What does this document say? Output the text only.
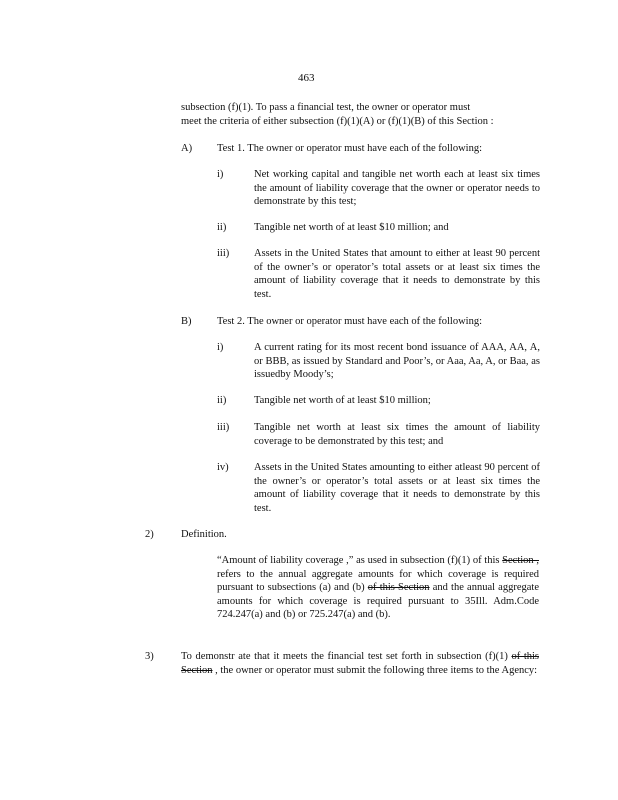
463
subsection (f)(1). To pass a financial test, the owner or operator must
meet the criteria of either subsection (f)(1)(A) or (f)(1)(B) of this Section :
A) Test 1. The owner or operator must have each of the following:
i)	Net working capital and tangible net worth each at least six times the amount of liability coverage that the owner or operator needs to demonstrate by this test;
ii)	Tangible net worth of at least $10 million; and
iii) Assets in the United States that amount to either at least 90 percent of the owner’s or operator’s total assets or at least six times the amount of liability coverage that it needs to demonstrate by this test.
B) Test 2. The owner or operator must have each of the following:
i)	A current rating for its most recent bond issuance of AAA, AA, A, or BBB, as issued by Standard and Poor’s, or Aaa, Aa, A, or Baa, as issuedby Moody’s;
ii)	Tangible net worth of at least $10 million;
iii) Tangible net worth at least six times the amount of liability coverage to be demonstrated by this test; and
iv) Assets in the United States amounting to either atleast 90 percent of the owner’s or operator’s total assets or at least six times the amount of liability coverage that it needs to demonstrate by this test.
2)	Definition.
“Amount of liability coverage ,” as used in subsection (f)(1) of this Section , refers to the annual aggregate amounts for which coverage is required pursuant to subsections (a) and (b) of this Section and the annual aggregate amounts for which coverage is required pursuant to 35Ill. Adm.Code 724.247(a) and (b) or 725.247(a) and (b).
3)	To demonstr ate that it meets the financial test set forth in subsection (f)(1) of this Section , the owner or operator must submit the following three items to the Agency:
